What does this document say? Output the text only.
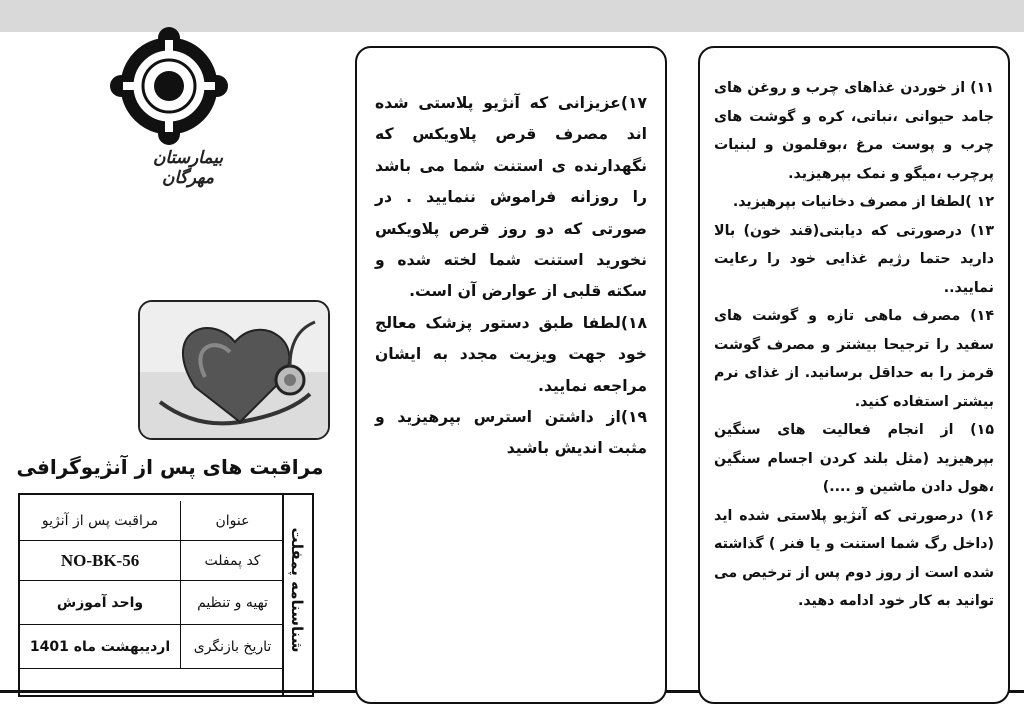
بیمارستان مهرگان
مراقبت های پس از آنژیوگرافی
شناسنامه پمفلت
عنوان
مراقبت پس از آنژیو
کد پمفلت
NO-BK-56
تهیه و تنظیم
واحد آموزش
تاریخ بازنگری
اردیبهشت ماه 1401

۱۷)عزیزانی که آنژیو پلاستی شده اند مصرف قرص پلاویکس که نگهدارنده ی استنت شما می باشد را روزانه فراموش ننمایید . در صورتی که دو روز قرص پلاویکس نخورید استنت شما لخته شده و سکته قلبی از عوارض آن است.

۱۸)لطفا طبق دستور پزشک معالج خود جهت ویزیت مجدد به ایشان مراجعه نمایید.

۱۹)از داشتن استرس بپرهیزید و مثبت اندیش باشید

۱۱) از خوردن غذاهای چرب و روغن های جامد حیوانی ،نباتی، کره و گوشت های چرب و پوست مرغ ،بوقلمون و لبنیات پرچرب ،میگو و نمک بپرهیزید.

۱۲ )لطفا از مصرف دخانیات بپرهیزید.

۱۳) درصورتی که دیابتی(قند خون) بالا دارید حتما رژیم غذایی خود را رعایت نمایید..

۱۴) مصرف ماهی تازه و گوشت های سفید را ترجیحا بیشتر و مصرف گوشت قرمز را به حداقل برسانید. از غذای نرم بیشتر استفاده کنید.

۱۵) از انجام فعالیت های سنگین بپرهیزید (مثل بلند کردن اجسام سنگین ،هول دادن ماشین و ....)

۱۶) درصورتی که آنژیو پلاستی شده اید (داخل رگ شما استنت و یا فنر ) گذاشته شده است از روز دوم پس از ترخیص می توانید به کار خود ادامه دهید.
